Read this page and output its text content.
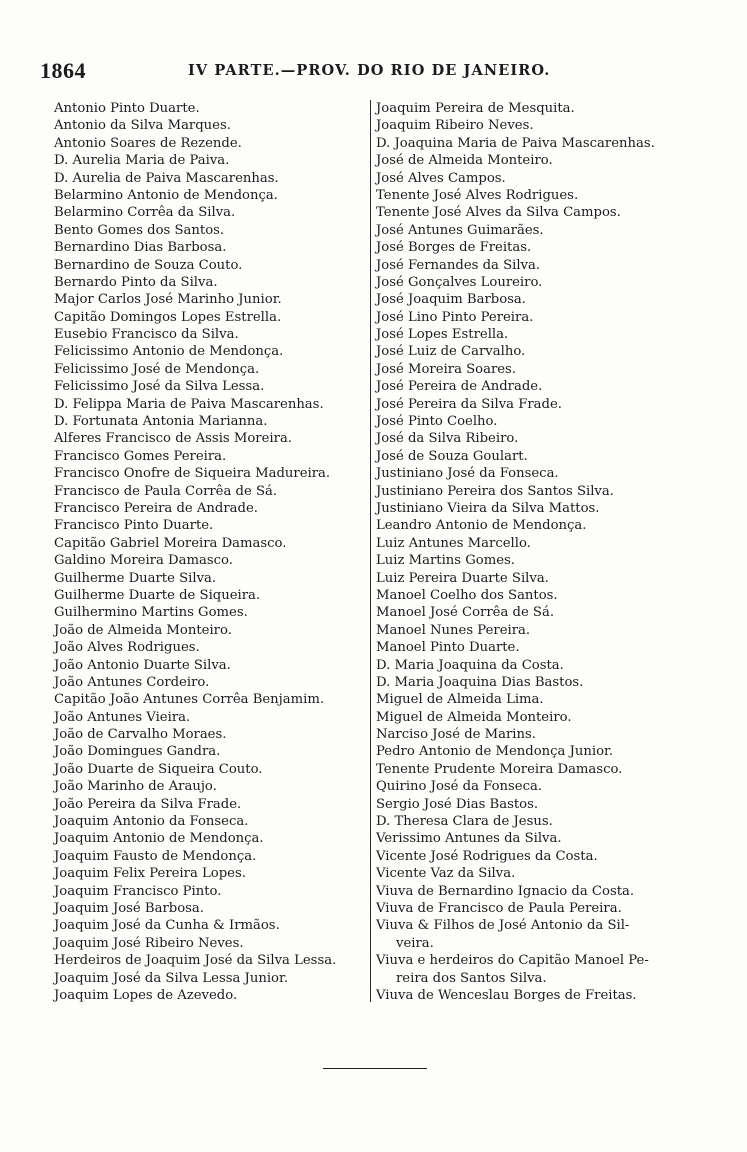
1864	IV PARTE.—PROV. DO RIO DE JANEIRO.
Antonio Pinto Duarte.
Antonio da Silva Marques.
Antonio Soares de Rezende.
D. Aurelia Maria de Paiva.
D. Aurelia de Paiva Mascarenhas.
Belarmino Antonio de Mendonça.
Belarmino Corrêa da Silva.
Bento Gomes dos Santos.
Bernardino Dias Barbosa.
Bernardino de Souza Couto.
Bernardo Pinto da Silva.
Major Carlos José Marinho Junior.
Capitão Domingos Lopes Estrella.
Eusebio Francisco da Silva.
Felicissimo Antonio de Mendonça.
Felicissimo José de Mendonça.
Felicissimo José da Silva Lessa.
D. Felippa Maria de Paiva Mascarenhas.
D. Fortunata Antonia Marianna.
Alferes Francisco de Assis Moreira.
Francisco Gomes Pereira.
Francisco Onofre de Siqueira Madureira.
Francisco de Paula Corrêa de Sá.
Francisco Pereira de Andrade.
Francisco Pinto Duarte.
Capitão Gabriel Moreira Damasco.
Galdino Moreira Damasco.
Guilherme Duarte Silva.
Guilherme Duarte de Siqueira.
Guilhermino Martins Gomes.
João de Almeida Monteiro.
João Alves Rodrigues.
João Antonio Duarte Silva.
João Antunes Cordeiro.
Capitão João Antunes Corrêa Benjamim.
João Antunes Vieira.
João de Carvalho Moraes.
João Domingues Gandra.
João Duarte de Siqueira Couto.
João Marinho de Araujo.
João Pereira da Silva Frade.
Joaquim Antonio da Fonseca.
Joaquim Antonio de Mendonça.
Joaquim Fausto de Mendonça.
Joaquim Felix Pereira Lopes.
Joaquim Francisco Pinto.
Joaquim José Barbosa.
Joaquim José da Cunha & Irmãos.
Joaquim José Ribeiro Neves.
Herdeiros de Joaquim José da Silva Lessa.
Joaquim José da Silva Lessa Junior.
Joaquim Lopes de Azevedo.
Joaquim Pereira de Mesquita.
Joaquim Ribeiro Neves.
D. Joaquina Maria de Paiva Mascarenhas.
José de Almeida Monteiro.
José Alves Campos.
Tenente José Alves Rodrigues.
Tenente José Alves da Silva Campos.
José Antunes Guimarães.
José Borges de Freitas.
José Fernandes da Silva.
José Gonçalves Loureiro.
José Joaquim Barbosa.
José Lino Pinto Pereira.
José Lopes Estrella.
José Luiz de Carvalho.
José Moreira Soares.
José Pereira de Andrade.
José Pereira da Silva Frade.
José Pinto Coelho.
José da Silva Ribeiro.
José de Souza Goulart.
Justiniano José da Fonseca.
Justiniano Pereira dos Santos Silva.
Justiniano Vieira da Silva Mattos.
Leandro Antonio de Mendonça.
Luiz Antunes Marcello.
Luiz Martins Gomes.
Luiz Pereira Duarte Silva.
Manoel Coelho dos Santos.
Manoel José Corrêa de Sá.
Manoel Nunes Pereira.
Manoel Pinto Duarte.
D. Maria Joaquina da Costa.
D. Maria Joaquina Dias Bastos.
Miguel de Almeida Lima.
Miguel de Almeida Monteiro.
Narciso José de Marins.
Pedro Antonio de Mendonça Junior.
Tenente Prudente Moreira Damasco.
Quirino José da Fonseca.
Sergio José Dias Bastos.
D. Theresa Clara de Jesus.
Verissimo Antunes da Silva.
Vicente José Rodrigues da Costa.
Vicente Vaz da Silva.
Viuva de Bernardino Ignacio da Costa.
Viuva de Francisco de Paula Pereira.
Viuva & Filhos de José Antonio da Sil-
veira.
Viuva e herdeiros do Capitão Manoel Pe-
reira dos Santos Silva.
Viuva de Wenceslau Borges de Freitas.
